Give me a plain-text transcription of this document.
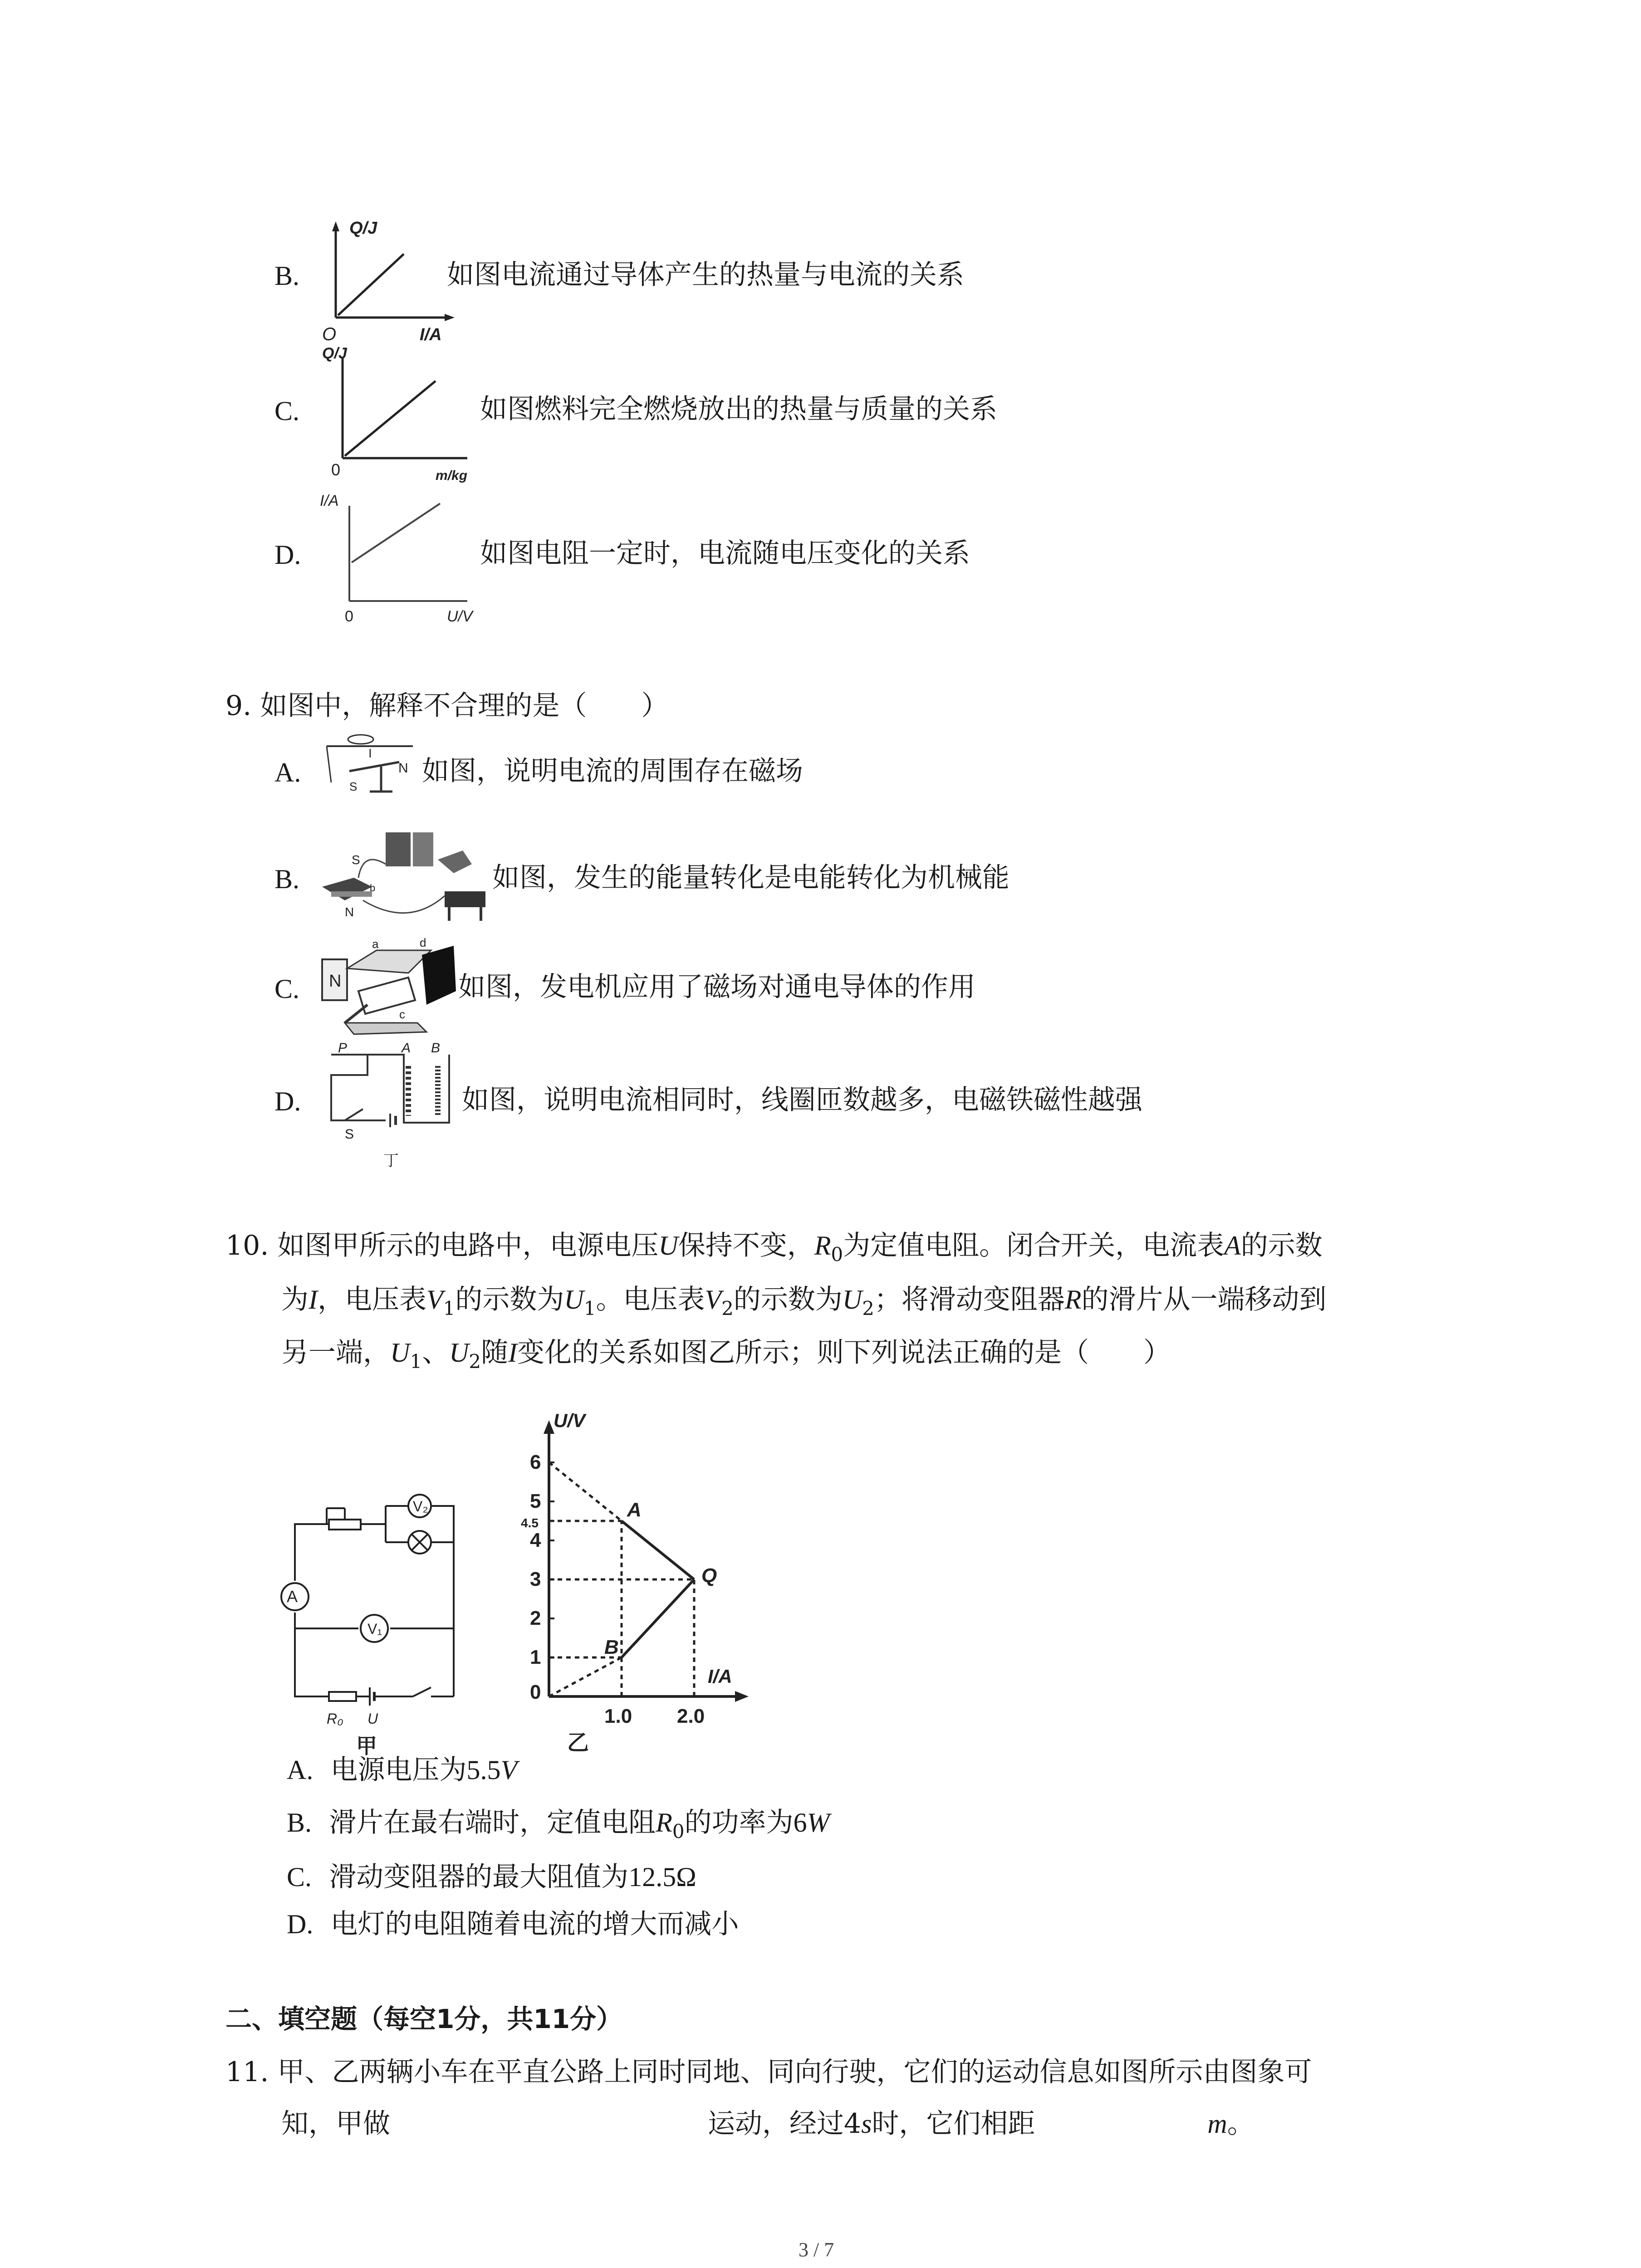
B.
Q/J
O	I/A
如图电流通过导体产生的热量与电流的关系
C.
Q/J
0	m/kg
如图燃料完全燃烧放出的热量与质量的关系
D.
I/A
0	U/V
如图电阻一定时，电流随电压变化的关系
9. 如图中，解释不合理的是（　　）
A.
I
S
N 如图，说明电流的周围存在磁场
B.
S
b
N
如图，发生的能量转化是电能转化为机械能
C. N
a	d
c
如图，发电机应用了磁场对通电导体的作用
D.
P	A B
S
丁
如图，说明电流相同时，线圈匝数越多，电磁铁磁性越强
10. 如图甲所示的电路中，电源电压U保持不变，$R_0$为定值电阻。闭合开关，电流表A的示数
为I，电压表$V_1$的示数为$U_1$。电压表$V_2$的示数为$U_2$；将滑动变阻器R的滑片从一端移动到
另一端，$U_1$、$U_2$随I变化的关系如图乙所示；则下列说法正确的是（　　）
V₂
A
V₁
R₀ U
甲
0
1
2
3
4
4.5
5
6
1.0 2.0
A
B
Q
U/V
I/A
乙
A. 电源电压为5.5V
B. 滑片在最右端时，定值电阻$R_0$的功率为6W
C. 滑动变阻器的最大阻值为12.5Ω
D. 电灯的电阻随着电流的增大而减小
二、填空题（每空1分，共11分）
11. 甲、乙两辆小车在平直公路上同时同地、同向行驶，它们的运动信息如图所示由图象可
知，甲做	运动，经过4s时，它们相距	m。
3 / 7
